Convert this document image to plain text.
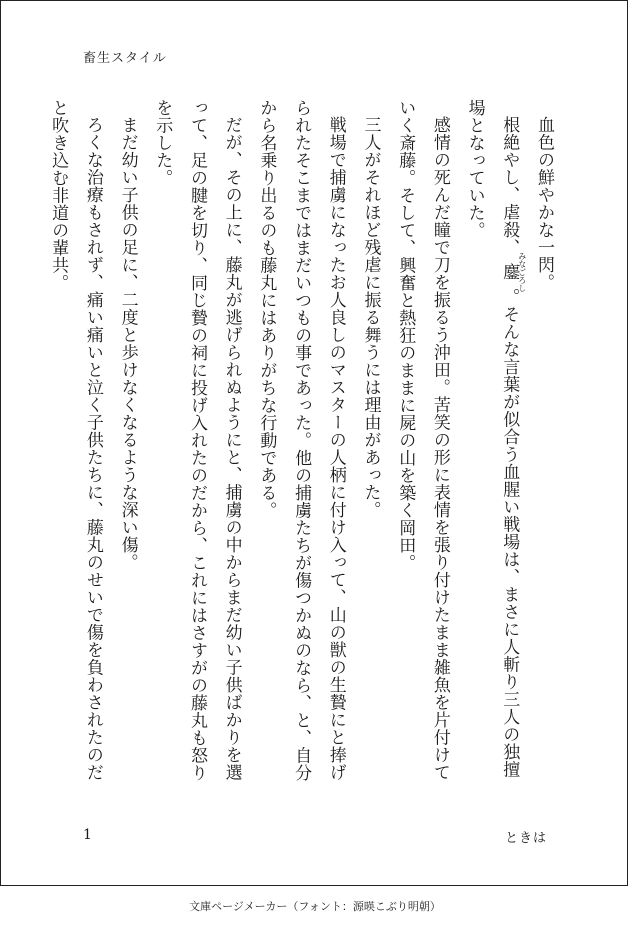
畜生スタイル

血色の鮮やかな一閃。

根絶やし、虐殺、鏖みなごろし。そんな言葉が似合う血腥い戦場は、まさに人斬り三人の独擅場となっていた。

感情の死んだ瞳で刀を振るう沖田。苦笑の形に表情を張り付けたまま雑魚を片付けていく斎藤。そして、興奮と熱狂のままに屍の山を築く岡田。

三人がそれほど残虐に振る舞うには理由があった。

戦場で捕虜になったお人良しのマスターの人柄に付け入って、山の獣の生贄にと捧げられたそこまではまだいつもの事であった。他の捕虜たちが傷つかぬのなら、と、自分から名乗り出るのも藤丸にはありがちな行動である。

だが、その上に、藤丸が逃げられぬようにと、捕虜の中からまだ幼い子供ばかりを選って、足の腱を切り、同じ贄の祠に投げ入れたのだから、これにはさすがの藤丸も怒りを示した。

まだ幼い子供の足に、二度と歩けなくなるような深い傷。

ろくな治療もされず、痛い痛いと泣く子供たちに、藤丸のせいで傷を負わされたのだと吹き込む非道の輩共。

1	ときは
文庫ページメーカー（フォント：源暎こぶり明朝）
